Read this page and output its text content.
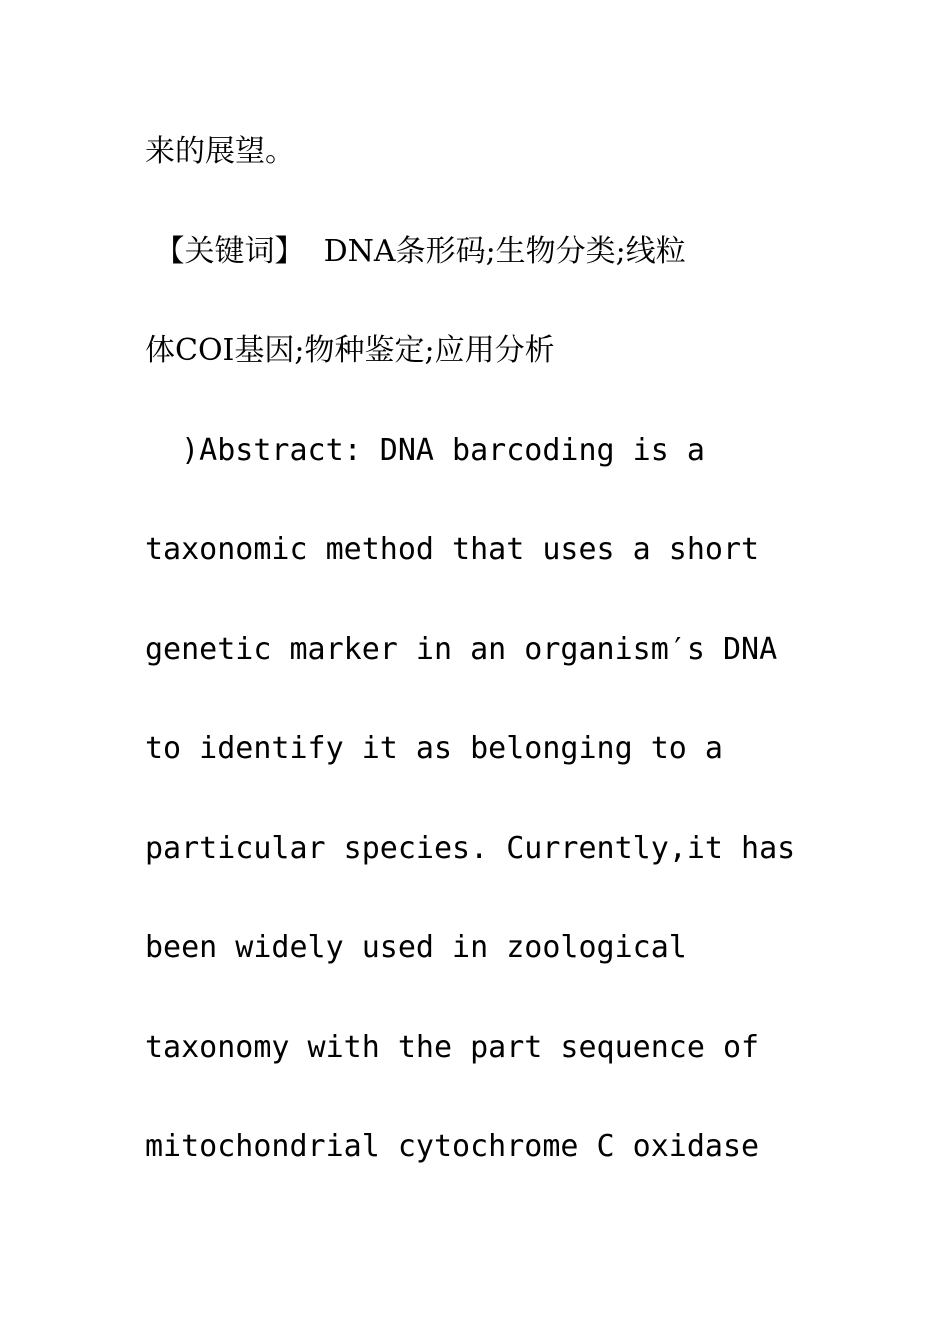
来的展望。
【关键词】  DNA条形码;生物分类;线粒
体COⅠ基因;物种鉴定;应用分析
)Abstract: DNA barcoding is a
taxonomic method that uses a short
genetic marker in an organism′s DNA
to identify it as belonging to a
particular species. Currently,it has
been widely used in zoological
taxonomy with the part sequence of
mitochondrial cytochrome C oxidase
